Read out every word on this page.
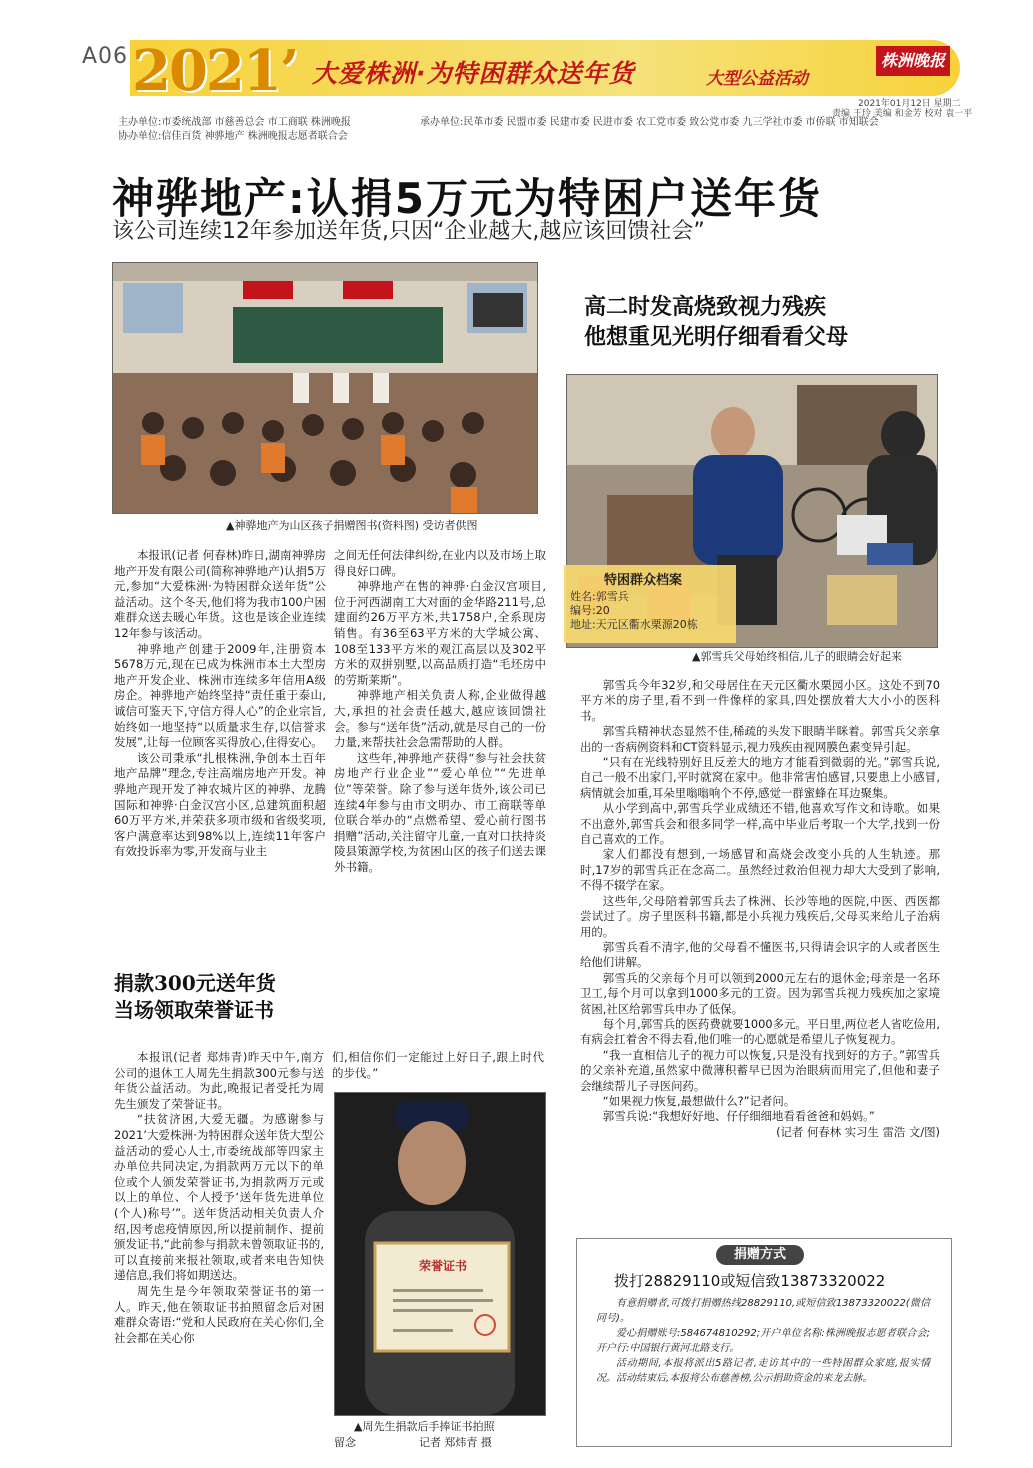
A06 2021’ 大爱株洲·为特困群众送年货	大型公益活动
株洲晚报
2021年01月12日 星期二
责编 王玲 美编 和金芳 校对 袁一平
主办单位:市委统战部 市慈善总会 市工商联 株洲晚报	承办单位:民革市委 民盟市委 民建市委 民进市委 农工党市委 致公党市委 九三学社市委 市侨联 市知联会
协办单位:信佳百货 神骅地产 株洲晚报志愿者联合会
神骅地产:认捐5万元为特困户送年货
该公司连续12年参加送年货,只因“企业越大,越应该回馈社会”
▲神骅地产为山区孩子捐赠图书(资料图) 受访者供图

本报讯(记者 何春林)昨日,湖南神骅房地产开发有限公司(简称神骅地产)认捐5万元,参加“大爱株洲·为特困群众送年货”公益活动。这个冬天,他们将为我市100户困难群众送去暖心年货。这也是该企业连续12年参与该活动。

神骅地产创建于2009年,注册资本5678万元,现在已成为株洲市本土大型房地产开发企业、株洲市连续多年信用A级房企。神骅地产始终坚持“责任重于泰山,诚信可鉴天下,守信方得人心”的企业宗旨,始终如一地坚持“以质量求生存,以信誉求发展”,让每一位顾客买得放心,住得安心。

该公司秉承“扎根株洲,争创本土百年地产品牌”理念,专注高端房地产开发。神骅地产现开发了神农城片区的神骅、龙腾国际和神骅·白金汉宫小区,总建筑面积超60万平方米,并荣获多项市级和省级奖项,客户满意率达到98%以上,连续11年客户有效投诉率为零,开发商与业主

之间无任何法律纠纷,在业内以及市场上取得良好口碑。

神骅地产在售的神骅·白金汉宫项目,位于河西湖南工大对面的金华路211号,总建面约26万平方米,共1758户,全系现房销售。有36至63平方米的大学城公寓、108至133平方米的观江高层以及302平方米的双拼别墅,以高品质打造“毛坯房中的劳斯莱斯”。

神骅地产相关负责人称,企业做得越大,承担的社会责任越大,越应该回馈社会。参与“送年货”活动,就是尽自己的一份力量,来帮扶社会急需帮助的人群。

这些年,神骅地产获得“参与社会扶贫房地产行业企业”“爱心单位”“先进单位”等荣誉。除了参与送年货外,该公司已连续4年参与由市文明办、市工商联等单位联合举办的“点燃希望、爱心前行图书捐赠”活动,关注留守儿童,一直对口扶持炎陵县策源学校,为贫困山区的孩子们送去课外书籍。

捐款300元送年货
当场领取荣誉证书

本报讯(记者 郑炜青)昨天中午,南方公司的退休工人周先生捐款300元参与送年货公益活动。为此,晚报记者受托为周先生颁发了荣誉证书。

“扶贫济困,大爱无疆。为感谢参与2021’大爱株洲·为特困群众送年货大型公益活动的爱心人士,市委统战部等四家主办单位共同决定,为捐款两万元以下的单位或个人颁发荣誉证书,为捐款两万元或以上的单位、个人授予‘送年货先进单位(个人)称号’”。送年货活动相关负责人介绍,因考虑疫情原因,所以提前制作、提前颁发证书,“此前参与捐款未曾领取证书的,可以直接前来报社领取,或者来电告知快递信息,我们将如期送达。

周先生是今年领取荣誉证书的第一人。昨天,他在领取证书拍照留念后对困难群众寄语:“党和人民政府在关心你们,全社会都在关心你

们,相信你们一定能过上好日子,跟上时代的步伐。”

荣誉证书
▲周先生捐款后手捧证书拍照
留念                  记者 郑炜青 摄
高二时发高烧致视力残疾
他想重见光明仔细看看父母
特困群众档案
姓名:郭雪兵
编号:20
地址:天元区衢水栗源20栋
▲郭雪兵父母始终相信,儿子的眼睛会好起来

郭雪兵今年32岁,和父母居住在天元区衢水栗园小区。这处不到70平方米的房子里,看不到一件像样的家具,四处摆放着大大小小的医科书。

郭雪兵精神状态显然不佳,稀疏的头发下眼睛半眯着。郭雪兵父亲拿出的一沓病例资料和CT资料显示,视力残疾由视网膜色素变异引起。

“只有在光线特别好且反差大的地方才能看到微弱的光。”郭雪兵说,自己一般不出家门,平时就窝在家中。他非常害怕感冒,只要患上小感冒,病情就会加重,耳朵里嗡嗡响个不停,感觉一群蜜蜂在耳边聚集。

从小学到高中,郭雪兵学业成绩还不错,他喜欢写作文和诗歌。如果不出意外,郭雪兵会和很多同学一样,高中毕业后考取一个大学,找到一份自己喜欢的工作。

家人们都没有想到,一场感冒和高烧会改变小兵的人生轨迹。那时,17岁的郭雪兵正在念高二。虽然经过救治但视力却大大受到了影响,不得不辍学在家。

这些年,父母陪着郭雪兵去了株洲、长沙等地的医院,中医、西医都尝试过了。房子里医科书籍,都是小兵视力残疾后,父母买来给儿子治病用的。

郭雪兵看不清字,他的父母看不懂医书,只得请会识字的人或者医生给他们讲解。

郭雪兵的父亲每个月可以领到2000元左右的退休金;母亲是一名环卫工,每个月可以拿到1000多元的工资。因为郭雪兵视力残疾加之家境贫困,社区给郭雪兵申办了低保。

每个月,郭雪兵的医药费就要1000多元。平日里,两位老人省吃俭用,有病会扛着舍不得去看,他们唯一的心愿就是希望儿子恢复视力。

“我一直相信儿子的视力可以恢复,只是没有找到好的方子。”郭雪兵的父亲补充道,虽然家中微薄积蓄早已因为治眼病而用完了,但他和妻子会继续帮儿子寻医问药。

“如果视力恢复,最想做什么?”记者问。

郭雪兵说:“我想好好地、仔仔细细地看看爸爸和妈妈。”

(记者 何春林 实习生 雷浩 文/图)
捐赠方式
拨打28829110或短信致13873320022

有意捐赠者,可拨打捐赠热线28829110,或短信致13873320022(微信同号)。

爱心捐赠账号:584674810292;开户单位名称:株洲晚报志愿者联合会;开户行:中国银行黄河北路支行。

活动期间,本报将派出5路记者,走访其中的一些特困群众家庭,报实情况。活动结束后,本报将公布慈善榜,公示捐助资金的来龙去脉。
